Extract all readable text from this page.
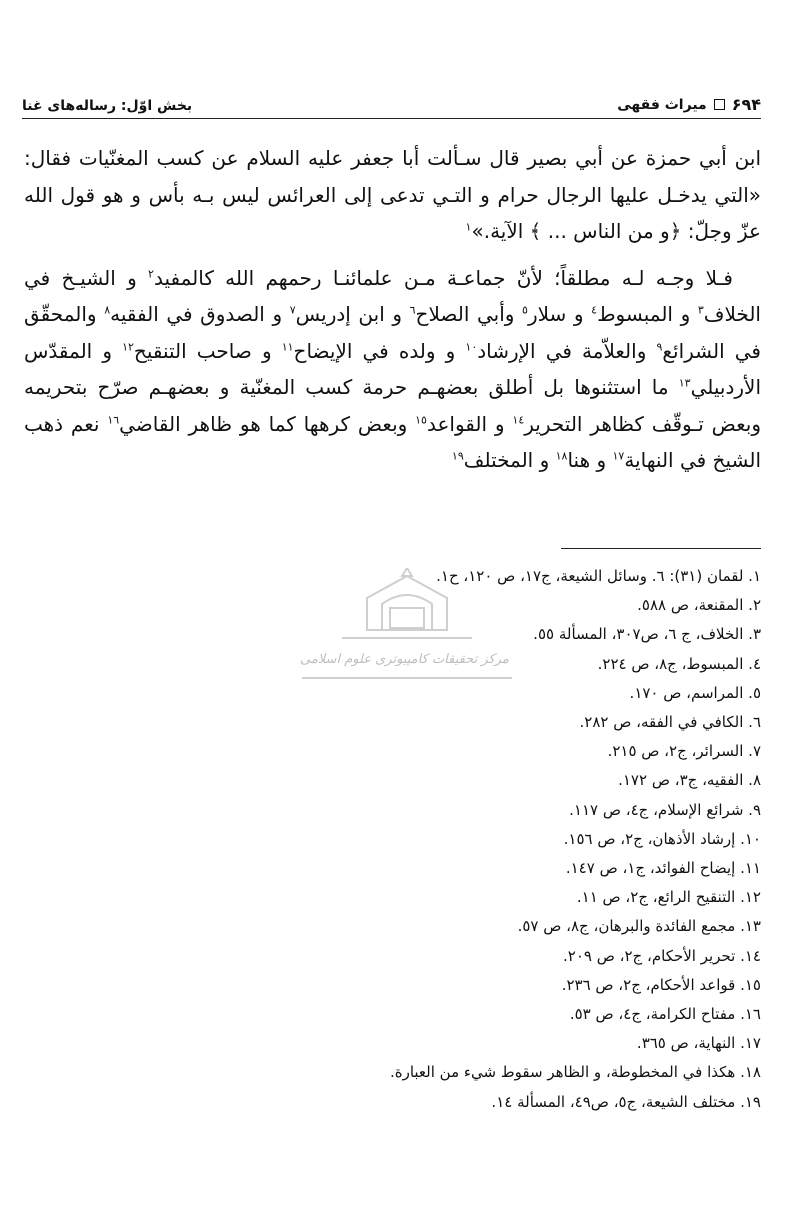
۶۹۴
میراث فقهی
بخش اوّل: رساله‌های غنا

ابن أبي حمزة عن أبي بصير قال سـألت أبا جعفر عليه السلام عن كسب المغنّيات فقال: «التي يدخـل عليها الرجال حرام و التـي تدعى إلى العرائس ليس بـه بأس و هو قول الله عزّ وجلّ: ﴿و من الناس ... ﴾ الآية.»$^١$

فـلا وجـه لـه مطلقاً؛ لأنّ جماعـة مـن علمائنـا رحمهم الله كالمفيد$^٢$ و الشيـخ في الخلاف$^٣$ و المبسوط$^٤$ و سلار$^٥$ وأبي الصلاح$^٦$ و ابن إدريس$^٧$ و الصدوق في الفقيه$^٨$ والمحقّق في الشرائع$^٩$ والعلاّمة في الإرشاد$^{١٠}$ و ولده في الإيضاح$^{١١}$ و صاحب التنقيح$^{١٢}$ و المقدّس الأردبيلي$^{١٣}$ ما استثنوها بل أطلق بعضهـم حرمة كسب المغنّية و بعضهـم صرّح بتحريمه وبعض تـوقّف كظاهر التحرير$^{١٤}$ و القواعد$^{١٥}$ وبعض كرهها كما هو ظاهر القاضي$^{١٦}$ نعم ذهب الشيخ في النهاية$^{١٧}$ و هنا$^{١٨}$ و المختلف$^{١٩}$

مرکز تحقیقات کامپیوتری علوم اسلامی
١. لقمان (٣١): ٦. وسائل الشيعة، ج١٧، ص ١٢٠، ح١.
٢. المقنعة، ص ٥٨٨.
٣. الخلاف، ج ٦، ص٣٠٧، المسألة ٥٥.
٤. المبسوط، ج٨، ص ٢٢٤.
٥. المراسم، ص ١٧٠.
٦. الكافي في الفقه، ص ٢٨٢.
٧. السرائر، ج٢، ص ٢١٥.
٨. الفقيه، ج٣، ص ١٧٢.
٩. شرائع الإسلام، ج٤، ص ١١٧.
١٠. إرشاد الأذهان، ج٢، ص ١٥٦.
١١. إيضاح الفوائد، ج١، ص ١٤٧.
١٢. التنقيح الرائع، ج٢، ص ١١.
١٣. مجمع الفائدة والبرهان، ج٨، ص ٥٧.
١٤. تحرير الأحكام، ج٢، ص ٢٠٩.
١٥. قواعد الأحكام، ج٢، ص ٢٣٦.
١٦. مفتاح الكرامة، ج٤، ص ٥٣.
١٧. النهاية، ص ٣٦٥.
١٨. هكذا في المخطوطة، و الظاهر سقوط شيء من العبارة.
١٩. مختلف الشيعة، ج٥، ص٤٩، المسألة ١٤.
